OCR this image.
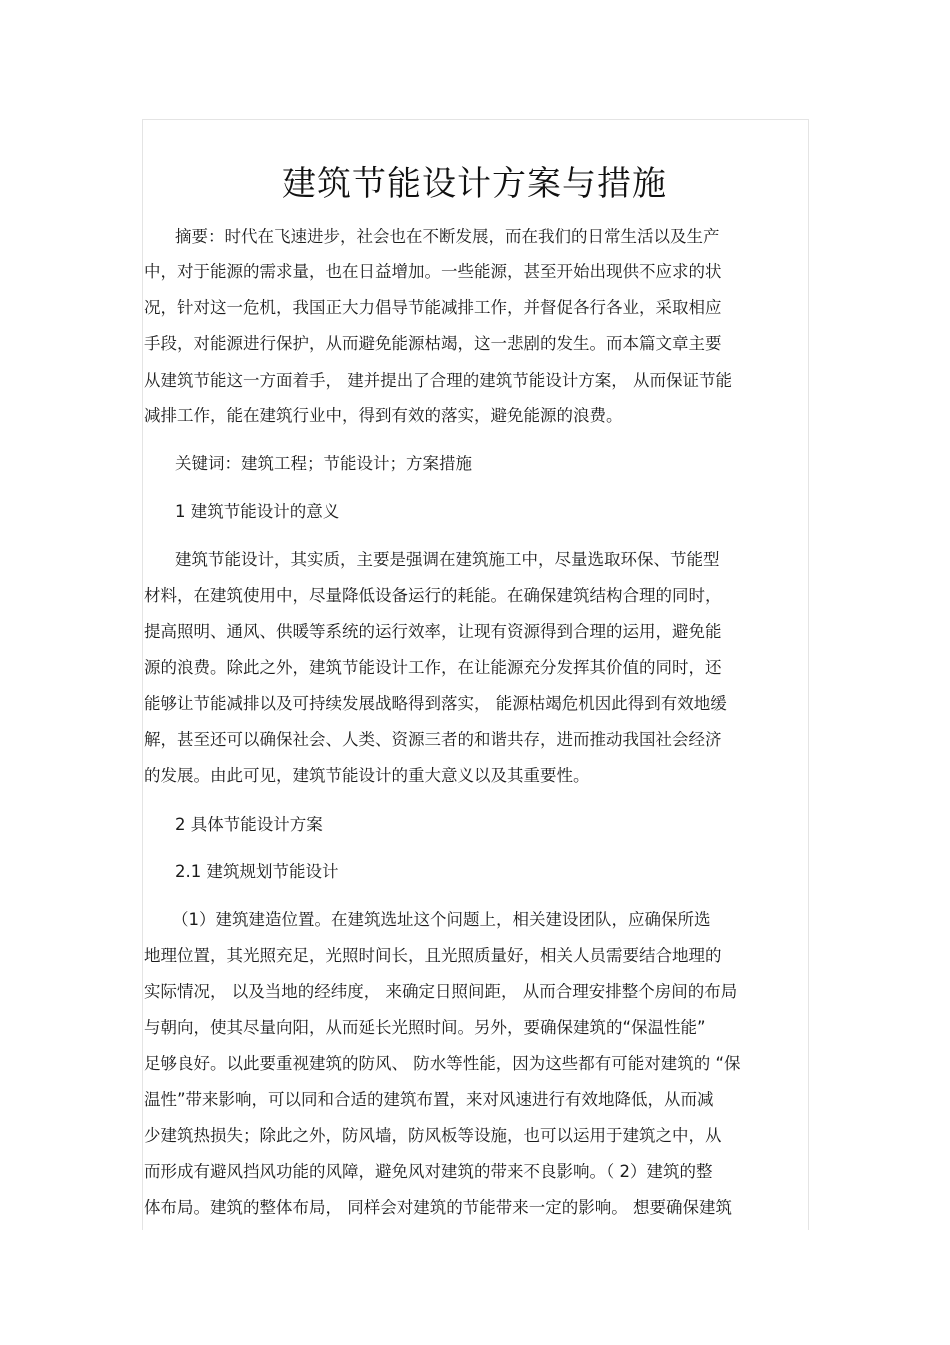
建筑节能设计方案与措施
摘要：时代在飞速进步，社会也在不断发展，而在我们的日常生活以及生产
中，对于能源的需求量，也在日益增加。一些能源，甚至开始出现供不应求的状
况，针对这一危机，我国正大力倡导节能减排工作，并督促各行各业，采取相应
手段，对能源进行保护，从而避免能源枯竭，这一悲剧的发生。而本篇文章主要
从建筑节能这一方面着手， 建并提出了合理的建筑节能设计方案， 从而保证节能
减排工作，能在建筑行业中，得到有效的落实，避免能源的浪费。
关键词：建筑工程；节能设计；方案措施
1 建筑节能设计的意义
建筑节能设计，其实质，主要是强调在建筑施工中，尽量选取环保、节能型
材料，在建筑使用中，尽量降低设备运行的耗能。在确保建筑结构合理的同时，
提高照明、通风、供暖等系统的运行效率，让现有资源得到合理的运用，避免能
源的浪费。除此之外，建筑节能设计工作，在让能源充分发挥其价值的同时，还
能够让节能减排以及可持续发展战略得到落实， 能源枯竭危机因此得到有效地缓
解，甚至还可以确保社会、人类、资源三者的和谐共存，进而推动我国社会经济
的发展。由此可见，建筑节能设计的重大意义以及其重要性。
2 具体节能设计方案
2.1 建筑规划节能设计
（1）建筑建造位置。在建筑选址这个问题上，相关建设团队，应确保所选
地理位置，其光照充足，光照时间长，且光照质量好，相关人员需要结合地理的
实际情况， 以及当地的经纬度， 来确定日照间距， 从而合理安排整个房间的布局
与朝向，使其尽量向阳，从而延长光照时间。另外，要确保建筑的“保温性能”
足够良好。以此要重视建筑的防风、 防水等性能，因为这些都有可能对建筑的 “保
温性”带来影响，可以同和合适的建筑布置，来对风速进行有效地降低，从而减
少建筑热损失；除此之外，防风墙，防风板等设施，也可以运用于建筑之中，从
而形成有避风挡风功能的风障，避免风对建筑的带来不良影响。（ 2）建筑的整
体布局。建筑的整体布局， 同样会对建筑的节能带来一定的影响。 想要确保建筑
